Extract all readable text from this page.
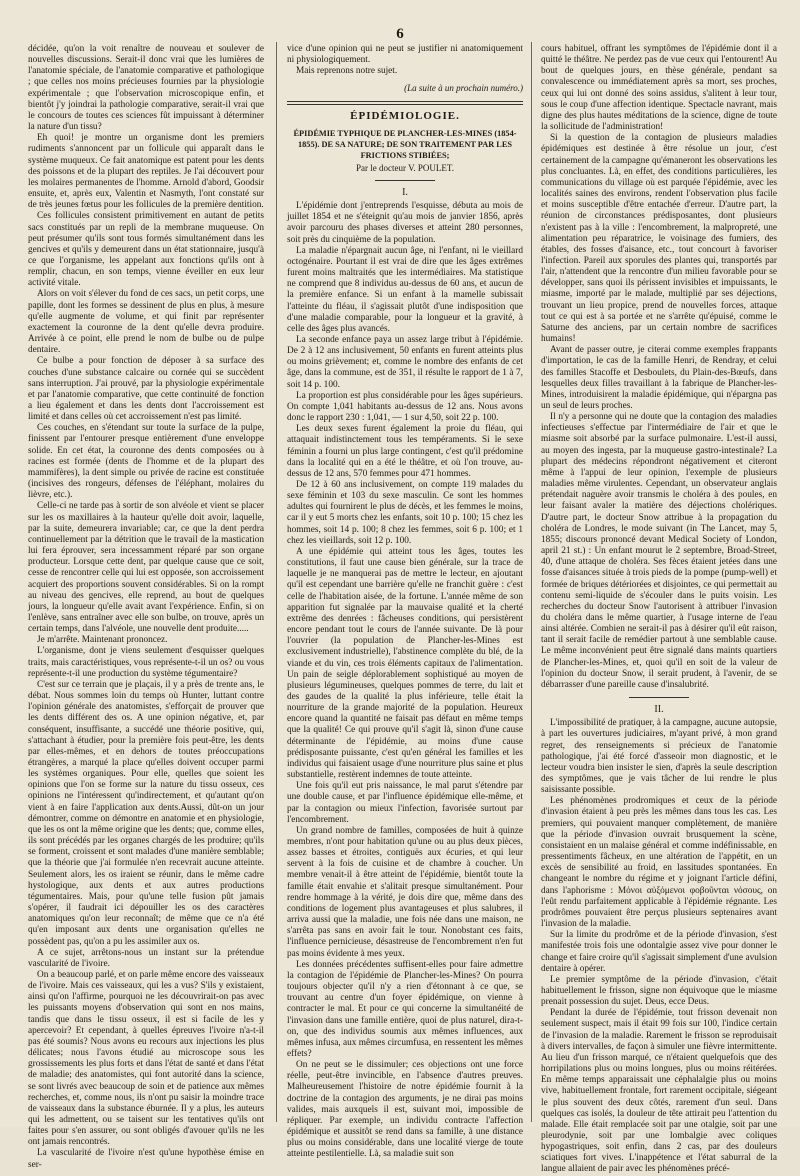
6

décidée, qu'on la voit renaître de nouveau et soulever de nouvelles discussions. Serait-il donc vrai que les lumières de l'anatomie spéciale, de l'anatomie comparative et pathologique ; que celles nos moins précieuses fournies par la physiologie expérimentale ; que l'observation microscopique enfin, et bientôt j'y joindrai la pathologie comparative, serait-il vrai que le concours de toutes ces sciences fût impuissant à déterminer la nature d'un tissu?

Eh quoi! je montre un organisme dont les premiers rudiments s'annoncent par un follicule qui apparaît dans le système muqueux. Ce fait anatomique est patent pour les dents des poissons et de la plupart des reptiles. Je l'ai découvert pour les molaires permanentes de l'homme. Arnold d'abord, Goodsir ensuite, et, après eux, Valentin et Nasmyth, l'ont constaté sur de très jeunes fœtus pour les follicules de la première dentition.

Ces follicules consistent primitivement en autant de petits sacs constitués par un repli de la membrane muqueuse. On peut présumer qu'ils sont tous formés simultanément dans les gencives et qu'ils y demeurent dans un état stationnaire, jusqu'à ce que l'organisme, les appelant aux fonctions qu'ils ont à remplir, chacun, en son temps, vienne éveiller en eux leur activité vitale.

Alors on voit s'élever du fond de ces sacs, un petit corps, une papille, dont les formes se dessinent de plus en plus, à mesure qu'elle augmente de volume, et qui finit par représenter exactement la couronne de la dent qu'elle devra produire. Arrivée à ce point, elle prend le nom de bulbe ou de pulpe dentaire.

Ce bulbe a pour fonction de déposer à sa surface des couches d'une substance calcaire ou cornée qui se succèdent sans interruption. J'ai prouvé, par la physiologie expérimentale et par l'anatomie comparative, que cette continuité de fonction a lieu également et dans les dents dont l'accroissement est limité et dans celles où cet accroissement n'est pas limité.

Ces couches, en s'étendant sur toute la surface de la pulpe, finissent par l'entourer presque entièrement d'une enveloppe solide. En cet état, la couronne des dents composées ou à racines est formée (dents de l'homme et de la plupart des mammifères), la dent simple ou privée de racine est constituée (incisives des rongeurs, défenses de l'éléphant, molaires du lièvre, etc.).

Celle-ci ne tarde pas à sortir de son alvéole et vient se placer sur les os maxillaires à la hauteur qu'elle doit avoir, laquelle, par la suite, demeurera invariable; car, ce que la dent perdra continuellement par la détrition que le travail de la mastication lui fera éprouver, sera incessamment réparé par son organe producteur. Lorsque cette dent, par quelque cause que ce soit, cesse de rencontrer celle qui lui est opposée, son accroissement acquiert des proportions souvent considérables. Si on la rompt au niveau des gencives, elle reprend, au bout de quelques jours, la longueur qu'elle avait avant l'expérience. Enfin, si on l'enlève, sans entraîner avec elle son bulbe, on trouve, après un certain temps, dans l'alvéole, une nouvelle dent produite.....

Je m'arrête. Maintenant prononcez.

L'organisme, dont je viens seulement d'esquisser quelques traits, mais caractéristiques, vous représente-t-il un os? ou vous représente-t-il une production du système tégumentaire?

C'est sur ce terrain que je plaçais, il y a près de trente ans, le débat. Nous sommes loin du temps où Hunter, luttant contre l'opinion générale des anatomistes, s'efforçait de prouver que les dents différent des os. A une opinion négative, et, par conséquent, insuffisante, a succédé une théorie positive, qui, s'attachant à étudier, pour la première fois peut-être, les dents par elles-mêmes, et en dehors de toutes préoccupations étrangères, a marqué la place qu'elles doivent occuper parmi les systèmes organiques. Pour elle, quelles que soient les opinions que l'on se forme sur la nature du tissu osseux, ces opinions ne l'intéressent qu'indirectement, et qu'autant qu'on vient à en faire l'application aux dents.Aussi, dût-on un jour démontrer, comme on démontre en anatomie et en physiologie, que les os ont la même origine que les dents; que, comme elles, ils sont précédés par les organes chargés de les produire; qu'ils se forment, croissent et sont malades d'une manière semblable; que la théorie que j'ai formulée n'en recevrait aucune atteinte. Seulement alors, les os iraient se réunir, dans le même cadre hystologique, aux dents et aux autres productions tégumentaires. Mais, pour qu'une telle fusion pût jamais s'opérer, il faudrait ici dépouiller les os des caractères anatomiques qu'on leur reconnaît; de même que ce n'a été qu'en imposant aux dents une organisation qu'elles ne possèdent pas, qu'on a pu les assimiler aux os.

A ce sujet, arrêtons-nous un instant sur la prétendue vascularité de l'ivoire.

On a beaucoup parlé, et on parle même encore des vaisseaux de l'ivoire. Mais ces vaisseaux, qui les a vus? S'ils y existaient, ainsi qu'on l'affirme, pourquoi ne les découvrirait-on pas avec les puissants moyens d'observation qui sont en nos mains, tandis que dans le tissu osseux, il est si facile de les y apercevoir? Et cependant, à quelles épreuves l'ivoire n'a-t-il pas été soumis? Nous avons eu recours aux injections les plus délicates; nous l'avons étudié au microscope sous les grossissements les plus forts et dans l'état de santé et dans l'état de maladie; des anatomistes, qui font autorité dans la science, se sont livrés avec beaucoup de soin et de patience aux mêmes recherches, et, comme nous, ils n'ont pu saisir la moindre trace de vaisseaux dans la substance éburnée. Il y a plus, les auteurs qui les admettent, ou se taisent sur les tentatives qu'ils ont faites pour s'en assurer, ou sont obligés d'avouer qu'ils ne les ont jamais rencontrés.

La vascularité de l'ivoire n'est qu'une hypothèse émise en ser-

vice d'une opinion qui ne peut se justifier ni anatomiquement ni physiologiquement.

Mais reprenons notre sujet.

(La suite à un prochain numéro.)
ÉPIDÉMIOLOGIE.
ÉPIDÉMIE TYPHIQUE DE PLANCHER-LES-MINES (1854-1855). DE SA NATURE; DE SON TRAITEMENT PAR LES FRICTIONS STIBIÉES;
Par le docteur V. POULET.
I.

L'épidémie dont j'entreprends l'esquisse, débuta au mois de juillet 1854 et ne s'éteignit qu'au mois de janvier 1856, après avoir parcouru des phases diverses et atteint 280 personnes, soit près du cinquième de la population.

La maladie n'épargnait aucun âge, ni l'enfant, ni le vieillard octogénaire. Pourtant il est vrai de dire que les âges extrêmes furent moins maltraités que les intermédiaires. Ma statistique ne comprend que 8 individus au-dessus de 60 ans, et aucun de la première enfance. Si un enfant à la mamelle subissait l'atteinte du fléau, il s'agissait plutôt d'une indisposition que d'une maladie comparable, pour la longueur et la gravité, à celle des âges plus avancés.

La seconde enfance paya un assez large tribut à l'épidémie. De 2 à 12 ans inclusivement, 50 enfants en furent atteints plus ou moins grièvement; et, comme le nombre des enfants de cet âge, dans la commune, est de 351, il résulte le rapport de 1 à 7, soit 14 p. 100.

La proportion est plus considérable pour les âges supérieurs. On compte 1,041 habitants au-dessus de 12 ans. Nous avons donc le rapport 230 : 1,041, — 1 sur 4,50, soit 22 p. 100.

Les deux sexes furent également la proie du fléau, qui attaquait indistinctement tous les tempéraments. Si le sexe féminin a fourni un plus large contingent, c'est qu'il prédomine dans la localité qui en a été le théâtre, et où l'on trouve, au-dessus de 12 ans, 570 femmes pour 471 hommes.

De 12 à 60 ans inclusivement, on compte 119 malades du sexe féminin et 103 du sexe masculin. Ce sont les hommes adultes qui fournirent le plus de décès, et les femmes le moins, car il y eut 5 morts chez les enfants, soit 10 p. 100; 15 chez les hommes, soit 14 p. 100; 8 chez les femmes, soit 6 p. 100; et 1 chez les vieillards, soit 12 p. 100.

A une épidémie qui atteint tous les âges, toutes les constitutions, il faut une cause bien générale, sur la trace de laquelle je ne manquerai pas de mettre le lecteur, en ajoutant qu'il est cependant une barrière qu'elle ne franchit guère : c'est celle de l'habitation aisée, de la fortune. L'année même de son apparition fut signalée par la mauvaise qualité et la cherté extrême des denrées : fâcheuses conditions, qui persistèrent encore pendant tout le cours de l'année suivante. De là pour l'ouvrier (la population de Plancher-les-Mines est exclusivement industrielle), l'abstinence complète du blé, de la viande et du vin, ces trois éléments capitaux de l'alimentation. Un pain de seigle déplorablement sophistiqué au moyen de plusieurs légumineuses, quelques pommes de terre, du lait et des gaudes de la qualité la plus inférieure, telle était la nourriture de la grande majorité de la population. Heureux encore quand la quantité ne faisait pas défaut en même temps que la qualité! Ce qui prouve qu'il s'agit là, sinon d'une cause déterminante de l'épidémie, au moins d'une cause prédisposante puissante, c'est qu'en général les familles et les individus qui faisaient usage d'une nourriture plus saine et plus substantielle, restèrent indemnes de toute atteinte.

Une fois qu'il eut pris naissance, le mal parut s'étendre par une double cause, et par l'influence épidémique elle-même, et par la contagion ou mieux l'infection, favorisée surtout par l'encombrement.

Un grand nombre de familles, composées de huit à quinze membres, n'ont pour habitation qu'une ou au plus deux pièces, assez basses et étroites, contiguës aux écuries, et qui leur servent à la fois de cuisine et de chambre à coucher. Un membre venait-il à être atteint de l'épidémie, bientôt toute la famille était envahie et s'alitait presque simultanément. Pour rendre hommage à la vérité, je dois dire que, même dans des conditions de logement plus avantageuses et plus salubres, il arriva aussi que la maladie, une fois née dans une maison, ne s'arrêta pas sans en avoir fait le tour. Nonobstant ces faits, l'influence pernicieuse, désastreuse de l'encombrement n'en fut pas moins évidente à mes yeux.

Les données précédentes suffisent-elles pour faire admettre la contagion de l'épidémie de Plancher-les-Mines? On pourra toujours objecter qu'il n'y a rien d'étonnant à ce que, se trouvant au centre d'un foyer épidémique, on vienne à contracter le mal. Et pour ce qui concerne la simultanéité de l'invasion dans une famille entière, quoi de plus naturel, dira-t-on, que des individus soumis aux mêmes influences, aux mêmes infusa, aux mêmes circumfusa, en ressentent les mêmes effets?

On ne peut se le dissimuler; ces objections ont une force réelle, peut-être invincible, en l'absence d'autres preuves. Malheureusement l'histoire de notre épidémie fournit à la doctrine de la contagion des arguments, je ne dirai pas moins valides, mais auxquels il est, suivant moi, impossible de répliquer. Par exemple, un individu contracte l'affection épidémique et aussitôt se rend dans sa famille, à une distance plus ou moins considérable, dans une localité vierge de toute atteinte pestilentielle. Là, sa maladie suit son

cours habituel, offrant les symptômes de l'épidémie dont il a quitté le théâtre. Ne perdez pas de vue ceux qui l'entourent! Au bout de quelques jours, en thèse générale, pendant sa convalescence ou immédiatement après sa mort, ses proches, ceux qui lui ont donné des soins assidus, s'alitent à leur tour, sous le coup d'une affection identique. Spectacle navrant, mais digne des plus hautes méditations de la science, digne de toute la sollicitude de l'administration!

Si la question de la contagion de plusieurs maladies épidémiques est destinée à être résolue un jour, c'est certainement de la campagne qu'émaneront les observations les plus concluantes. Là, en effet, des conditions particulières, les communications du village où est parquée l'épidémie, avec les localités saines des environs, rendent l'observation plus facile et moins susceptible d'être entachée d'erreur. D'autre part, la réunion de circonstances prédisposantes, dont plusieurs n'existent pas à la ville : l'encombrement, la malpropreté, une alimentation peu réparatrice, le voisinage des fumiers, des étables, des fosses d'aisance, etc., tout concourt à favoriser l'infection. Pareil aux sporules des plantes qui, transportés par l'air, n'attendent que la rencontre d'un milieu favorable pour se développer, sans quoi ils périssent invisibles et impuissants, le miasme, importé par le malade, multiplié par ses déjections, trouvant un lieu propice, prend de nouvelles forces, attaque tout ce qui est à sa portée et ne s'arrête qu'épuisé, comme le Saturne des anciens, par un certain nombre de sacrifices humains!

Avant de passer outre, je citerai comme exemples frappants d'importation, le cas de la famille Henri, de Rendray, et celui des familles Stacoffe et Desboulets, du Plain-des-Bœufs, dans lesquelles deux filles travaillant à la fabrique de Plancher-les-Mines, introduisirent la maladie épidémique, qui n'épargna pas un seul de leurs proches.

Il n'y a personne qui ne doute que la contagion des maladies infectieuses s'effectue par l'intermédiaire de l'air et que le miasme soit absorbé par la surface pulmonaire. L'est-il aussi, au moyen des ingesta, par la muqueuse gastro-intestinale? La plupart des médecins répondront négativement et citeront même à l'appui de leur opinion, l'exemple de plusieurs maladies même virulentes. Cependant, un observateur anglais prétendait naguère avoir transmis le choléra à des poules, en leur faisant avaler la matière des déjections cholériques. D'autre part, le docteur Snow attribue à la propagation du choléra de Londres, le mode suivant (in The Lancet, may 5, 1855; discours prononcé devant Medical Society of London, april 21 st.) : Un enfant mourut le 2 septembre, Broad-Street, 40, d'une attaque de choléra. Ses fèces étaient jetées dans une fosse d'aisances située à trois pieds de la pompe (pump-well) et formée de briques détériorées et disjointes, ce qui permettait au contenu semi-liquide de s'écouler dans le puits voisin. Les recherches du docteur Snow l'autorisent à attribuer l'invasion du choléra dans le même quartier, à l'usage interne de l'eau ainsi altérée. Combien ne serait-il pas à désirer qu'il eût raison, tant il serait facile de remédier partout à une semblable cause. Le même inconvénient peut être signalé dans maints quartiers de Plancher-les-Mines, et, quoi qu'il en soit de la valeur de l'opinion du docteur Snow, il serait prudent, à l'avenir, de se débarrasser d'une pareille cause d'insalubrité.

II.

L'impossibilité de pratiquer, à la campagne, aucune autopsie, à part les ouvertures judiciaires, m'ayant privé, à mon grand regret, des renseignements si précieux de l'anatomie pathologique, j'ai été forcé d'asseoir mon diagnostic, et le lecteur voudra bien insister le sien, d'après la seule description des symptômes, que je vais tâcher de lui rendre le plus saisissante possible.

Les phénomènes prodromiques et ceux de la période d'invasion étaient à peu près les mêmes dans tous les cas. Les premiers, qui pouvaient manquer complètement, de manière que la période d'invasion ouvrait brusquement la scène, consistaient en un malaise général et comme indéfinissable, en pressentiments fâcheux, en une altération de l'appétit, en un excès de sensibilité au froid, en lassitudes spontanées. En changeant le nombre du régime et y joignant l'article défini, dans l'aphorisme : Μόνοι αὐξόμενοι φοβοῦνται νόσους, on l'eût rendu parfaitement applicable à l'épidémie régnante. Les prodrômes pouvaient être perçus plusieurs septenaires avant l'invasion de la maladie.

Sur la limite du prodrôme et de la période d'invasion, s'est manifestée trois fois une odontalgie assez vive pour donner le change et faire croire qu'il s'agissait simplement d'une avulsion dentaire à opérer.

Le premier symptôme de la période d'invasion, c'était habituellement le frisson, signe non équivoque que le miasme prenait possession du sujet. Deus, ecce Deus.

Pendant la durée de l'épidémie, tout frisson devenait non seulement suspect, mais il était 99 fois sur 100, l'indice certain de l'invasion de la maladie. Rarement le frisson se reproduisait à divers intervalles, de façon à simuler une fièvre intermittente. Au lieu d'un frisson marqué, ce n'étaient quelquefois que des horripilations plus ou moins longues, plus ou moins réitérées. En même temps apparaissait une céphalalgie plus ou moins vive, habituellement frontale, fort rarement occipitale, siégeant le plus souvent des deux côtés, rarement d'un seul. Dans quelques cas isolés, la douleur de tête attirait peu l'attention du malade. Elle était remplacée soit par une otalgie, soit par une pleurodynie, soit par une lombalgie avec coliques hypogastriques, soit enfin, dans 2 cas, par des douleurs sciatiques fort vives. L'inappétence et l'état saburral de la langue allaient de pair avec les phénomènes précé-
